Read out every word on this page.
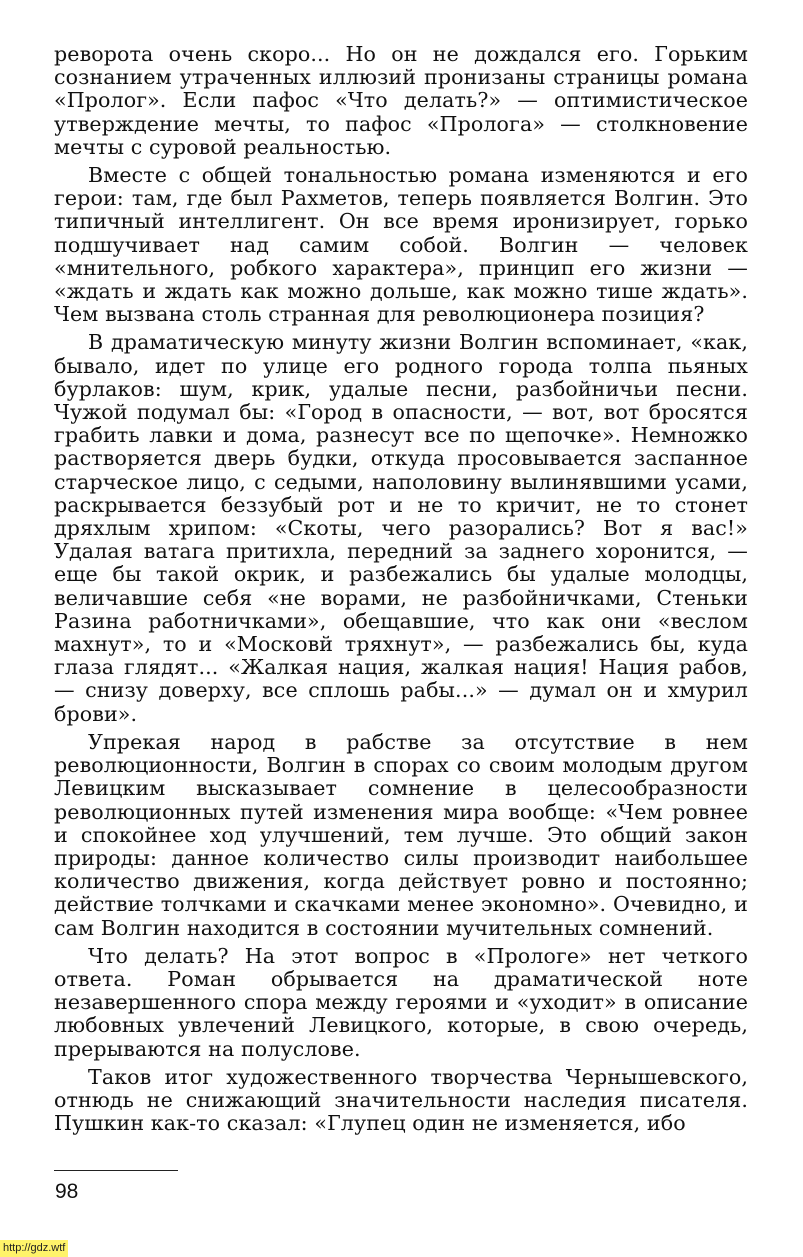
реворота очень скоро... Но он не дождался его. Горьким сознанием утраченных иллюзий пронизаны страницы романа «Пролог». Если пафос «Что делать?» — оптимистическое утверждение мечты, то пафос «Пролога» — столкновение мечты с суровой реальностью.

Вместе с общей тональностью романа изменяются и его герои: там, где был Рахметов, теперь появляется Волгин. Это типичный интеллигент. Он все время иронизирует, горько подшучивает над самим собой. Волгин — человек «мнительного, робкого характера», принцип его жизни — «ждать и ждать как можно дольше, как можно тише ждать». Чем вызвана столь странная для революционера позиция?

В драматическую минуту жизни Волгин вспоминает, «как, бывало, идет по улице его родного города толпа пьяных бурлаков: шум, крик, удалые песни, разбойничьи песни. Чужой подумал бы: «Город в опасности, — вот, вот бросятся грабить лавки и дома, разнесут все по щепочке». Немножко растворяется дверь будки, откуда просовывается заспанное старческое лицо, с седыми, наполовину вылинявшими усами, раскрывается беззубый рот и не то кричит, не то стонет дряхлым хрипом: «Скоты, чего разорались? Вот я вас!» Удалая ватага притихла, передний за заднего хоронится, — еще бы такой окрик, и разбежались бы удалые молодцы, величавшие себя «не ворами, не разбойничками, Стеньки Разина работничками», обещавшие, что как они «веслом махнут», то и «Московй тряхнут», — разбежались бы, куда глаза глядят... «Жалкая нация, жалкая нация! Нация рабов, — снизу доверху, все сплошь рабы...» — думал он и хмурил брови».

Упрекая народ в рабстве за отсутствие в нем революционности, Волгин в спорах со своим молодым другом Левицким высказывает сомнение в целесообразности революционных путей изменения мира вообще: «Чем ровнее и спокойнее ход улучшений, тем лучше. Это общий закон природы: данное количество силы производит наибольшее количество движения, когда действует ровно и постоянно; действие толчками и скачками менее экономно». Очевидно, и сам Волгин находится в состоянии мучительных сомнений.

Что делать? На этот вопрос в «Прологе» нет четкого ответа. Роман обрывается на драматической ноте незавершенного спора между героями и «уходит» в описание любовных увлечений Левицкого, которые, в свою очередь, прерываются на полуслове.

Таков итог художественного творчества Чернышевского, отнюдь не снижающий значительности наследия писателя. Пушкин как-то сказал: «Глупец один не изменяется, ибо

98
http://gdz.wtf
